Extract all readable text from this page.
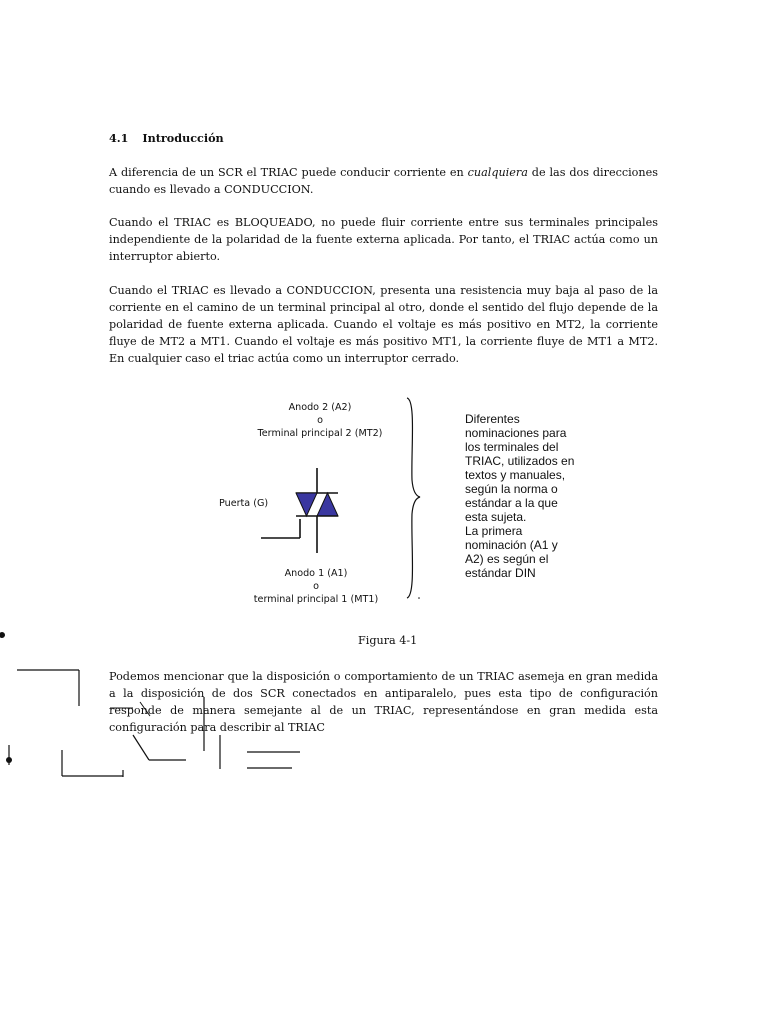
4.1 Introducción

A diferencia de un SCR el TRIAC puede conducir corriente en cualquiera de las dos direcciones cuando es llevado a CONDUCCION.

Cuando el TRIAC es BLOQUEADO, no puede fluir corriente entre sus terminales principales independiente de la polaridad de la fuente externa aplicada. Por tanto, el TRIAC actúa como un interruptor abierto.

Cuando el TRIAC es llevado a CONDUCCION, presenta una resistencia muy baja al paso de la corriente en el camino de un terminal principal al otro, donde el sentido del flujo depende de la polaridad de fuente externa aplicada. Cuando el voltaje es más positivo en MT2, la corriente fluye de MT2 a MT1. Cuando el voltaje es más positivo MT1, la corriente fluye de MT1 a MT2. En cualquier caso el triac actúa como un interruptor cerrado.

Anodo 2 (A2)
o
Terminal principal 2 (MT2)
Puerta (G)
Anodo 1 (A1)
o
terminal principal 1 (MT1)
Diferentes
nominaciones para
los terminales del
TRIAC, utilizados en
textos y manuales,
según la norma o
estándar a la que
esta sujeta.
La primera
nominación (A1 y
A2) es según el
estándar DIN
Figura 4-1

Podemos mencionar que la disposición o comportamiento de un TRIAC asemeja en gran medida a la disposición de dos SCR conectados en antiparalelo, pues esta tipo de configuración responde de manera semejante al de un TRIAC, representándose en gran medida esta configuración para describir al TRIAC
